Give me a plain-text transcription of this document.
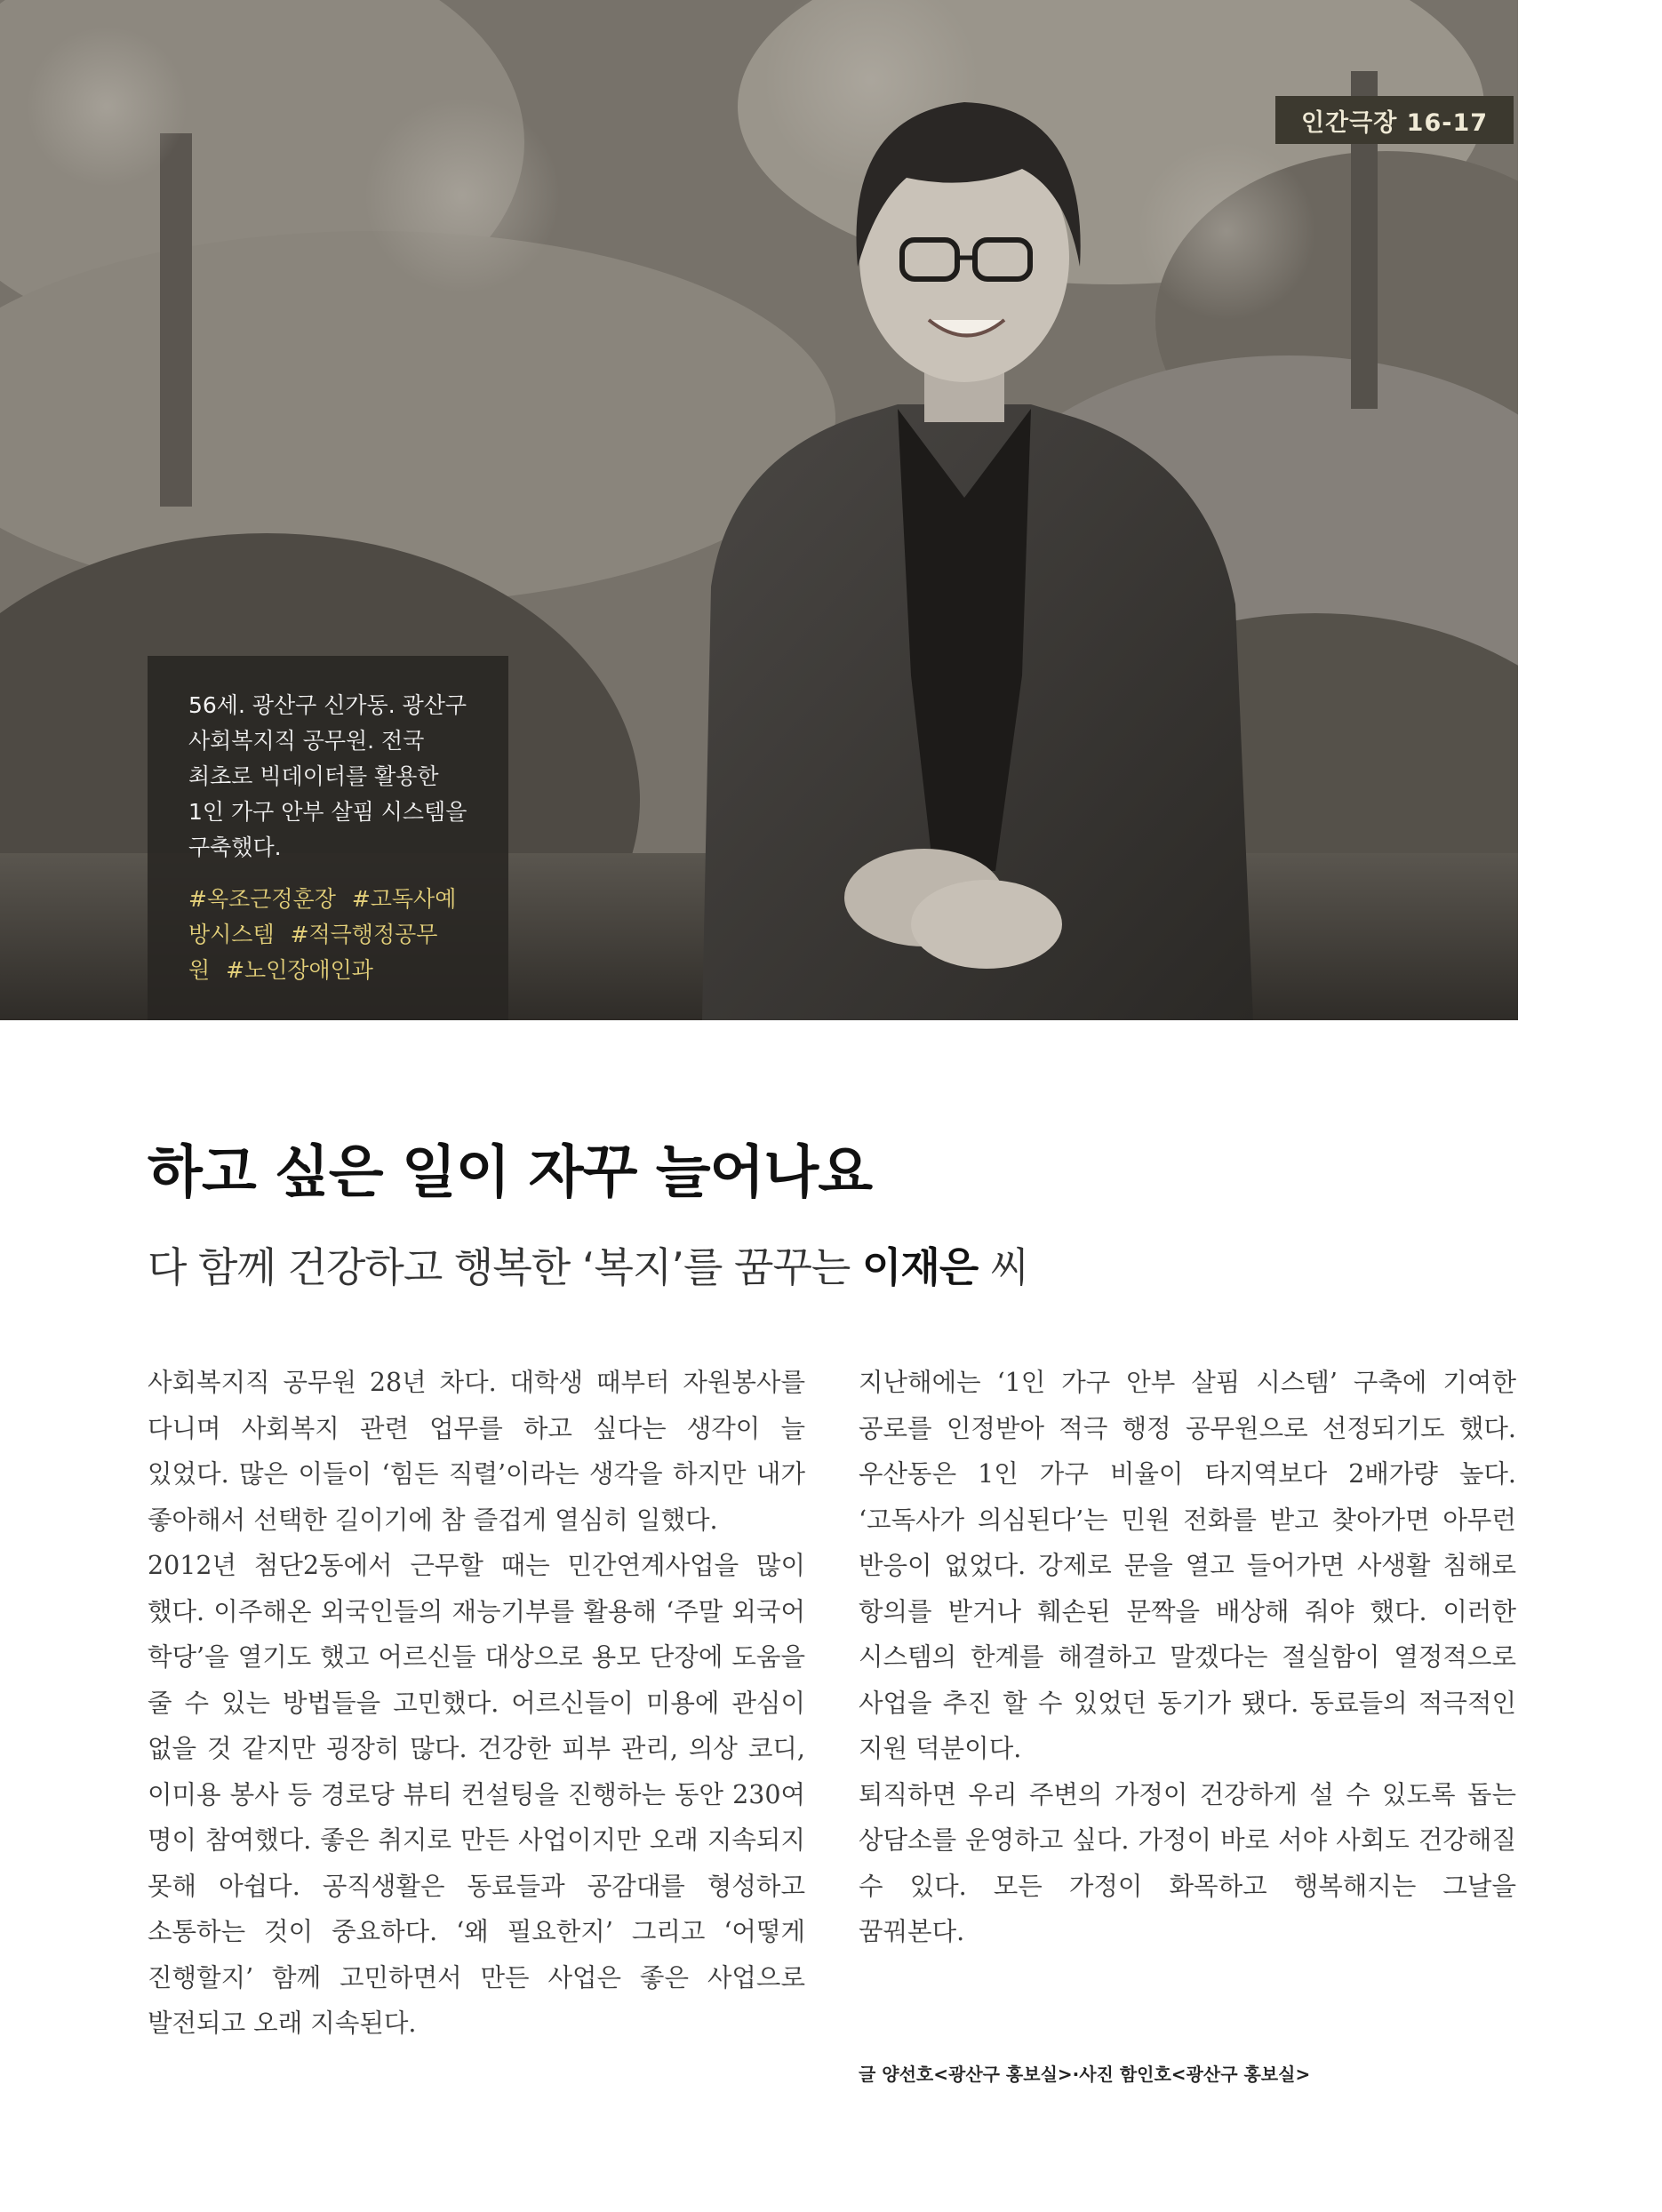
인간극장 16-17

56세. 광산구 신가동. 광산구 사회복지직 공무원. 전국 최초로 빅데이터를 활용한 1인 가구 안부 살핌 시스템을 구축했다.

#옥조근정훈장 #고독사예방시스템 #적극행정공무원 #노인장애인과
하고 싶은 일이 자꾸 늘어나요
다 함께 건강하고 행복한 ‘복지’를 꿈꾸는 이재은 씨

사회복지직 공무원 28년 차다. 대학생 때부터 자원봉사를 다니며 사회복지 관련 업무를 하고 싶다는 생각이 늘 있었다. 많은 이들이 ‘힘든 직렬’이라는 생각을 하지만 내가 좋아해서 선택한 길이기에 참 즐겁게 열심히 일했다.

2012년 첨단2동에서 근무할 때는 민간연계사업을 많이 했다. 이주해온 외국인들의 재능기부를 활용해 ‘주말 외국어 학당’을 열기도 했고 어르신들 대상으로 용모 단장에 도움을 줄 수 있는 방법들을 고민했다. 어르신들이 미용에 관심이 없을 것 같지만 굉장히 많다. 건강한 피부 관리, 의상 코디, 이미용 봉사 등 경로당 뷰티 컨설팅을 진행하는 동안 230여 명이 참여했다. 좋은 취지로 만든 사업이지만 오래 지속되지 못해 아쉽다. 공직생활은 동료들과 공감대를 형성하고 소통하는 것이 중요하다. ‘왜 필요한지’ 그리고 ‘어떻게 진행할지’ 함께 고민하면서 만든 사업은 좋은 사업으로 발전되고 오래 지속된다.

지난해에는 ‘1인 가구 안부 살핌 시스템’ 구축에 기여한 공로를 인정받아 적극 행정 공무원으로 선정되기도 했다. 우산동은 1인 가구 비율이 타지역보다 2배가량 높다. ‘고독사가 의심된다’는 민원 전화를 받고 찾아가면 아무런 반응이 없었다. 강제로 문을 열고 들어가면 사생활 침해로 항의를 받거나 훼손된 문짝을 배상해 줘야 했다. 이러한 시스템의 한계를 해결하고 말겠다는 절실함이 열정적으로 사업을 추진 할 수 있었던 동기가 됐다. 동료들의 적극적인 지원 덕분이다.

퇴직하면 우리 주변의 가정이 건강하게 설 수 있도록 돕는 상담소를 운영하고 싶다. 가정이 바로 서야 사회도 건강해질 수 있다. 모든 가정이 화목하고 행복해지는 그날을 꿈꿔본다.

글 양선호<광산구 홍보실>·사진 함인호<광산구 홍보실>
